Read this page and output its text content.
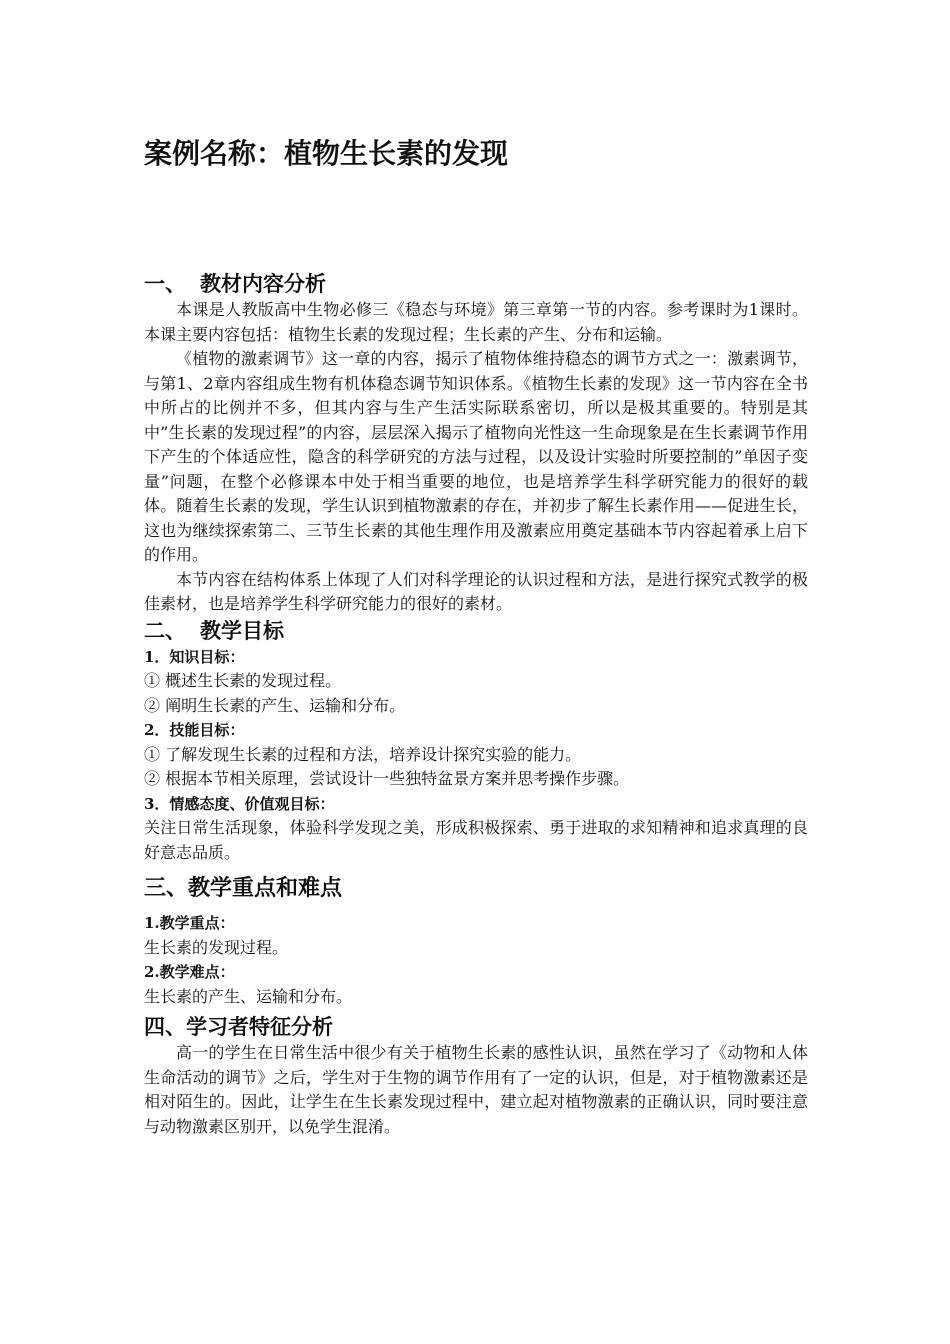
案例名称：植物生长素的发现
一、 教材内容分析

本课是人教版高中生物必修三《稳态与环境》第三章第一节的内容。参考课时为1课时。本课主要内容包括：植物生长素的发现过程；生长素的产生、分布和运输。

《植物的激素调节》这一章的内容，揭示了植物体维持稳态的调节方式之一：激素调节，与第1、2章内容组成生物有机体稳态调节知识体系。《植物生长素的发现》这一节内容在全书中所占的比例并不多，但其内容与生产生活实际联系密切，所以是极其重要的。特别是其中”生长素的发现过程”的内容，层层深入揭示了植物向光性这一生命现象是在生长素调节作用下产生的个体适应性，隐含的科学研究的方法与过程，以及设计实验时所要控制的”单因子变量”问题，在整个必修课本中处于相当重要的地位，也是培养学生科学研究能力的很好的载体。随着生长素的发现，学生认识到植物激素的存在，并初步了解生长素作用——促进生长，这也为继续探索第二、三节生长素的其他生理作用及激素应用奠定基础本节内容起着承上启下的作用。

本节内容在结构体系上体现了人们对科学理论的认识过程和方法，是进行探究式教学的极佳素材，也是培养学生科学研究能力的很好的素材。

二、 教学目标
1．知识目标：
① 概述生长素的发现过程。
② 阐明生长素的产生、运输和分布。
2．技能目标：
① 了解发现生长素的过程和方法，培养设计探究实验的能力。
② 根据本节相关原理，尝试设计一些独特盆景方案并思考操作步骤。
3．情感态度、价值观目标：

关注日常生活现象，体验科学发现之美，形成积极探索、勇于进取的求知精神和追求真理的良好意志品质。

三、教学重点和难点
1.教学重点：
生长素的发现过程。
2.教学难点：
生长素的产生、运输和分布。
四、学习者特征分析

高一的学生在日常生活中很少有关于植物生长素的感性认识，虽然在学习了《动物和人体生命活动的调节》之后，学生对于生物的调节作用有了一定的认识，但是，对于植物激素还是相对陌生的。因此，让学生在生长素发现过程中，建立起对植物激素的正确认识，同时要注意与动物激素区别开，以免学生混淆。
